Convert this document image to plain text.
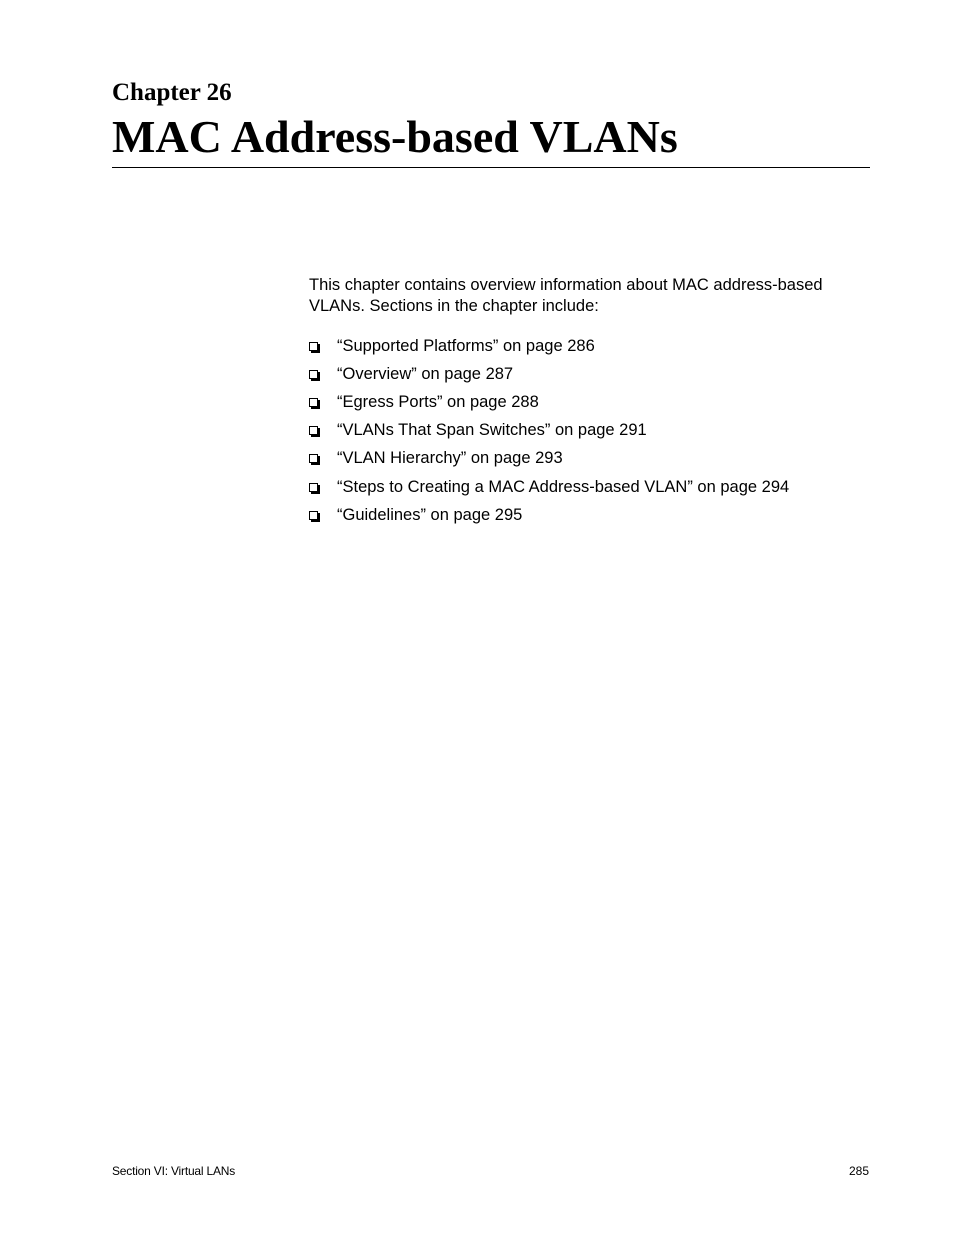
Chapter 26
MAC Address-based VLANs

This chapter contains overview information about MAC address-based VLANs. Sections in the chapter include:

“Supported Platforms” on page 286
“Overview” on page 287
“Egress Ports” on page 288
“VLANs That Span Switches” on page 291
“VLAN Hierarchy” on page 293
“Steps to Creating a MAC Address-based VLAN” on page 294
“Guidelines” on page 295
Section VI: Virtual LANs	285
